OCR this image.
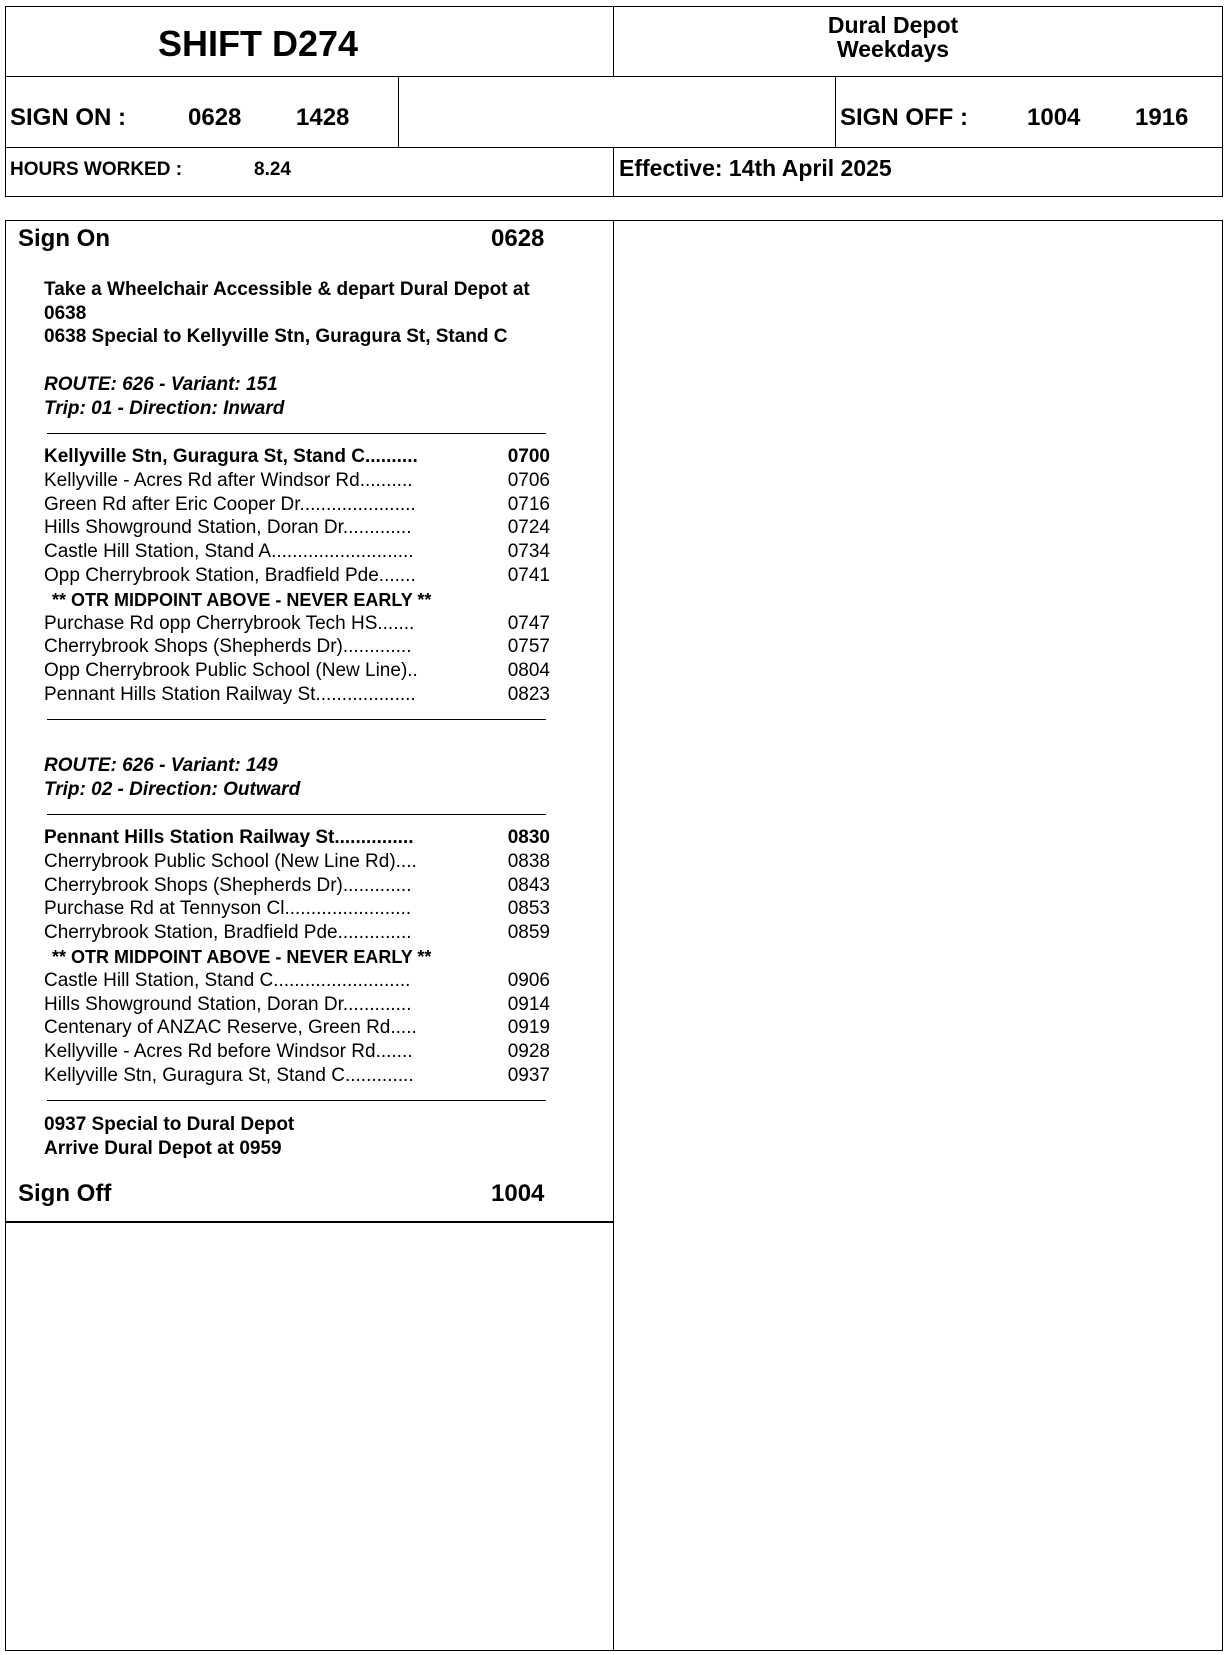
SHIFT D274	Dural Depot
Weekdays
SIGN ON :	0628 1428	SIGN OFF : 1004 1916
HOURS WORKED :	8.24	Effective: 14th April 2025
Sign On	0628
Take a Wheelchair Accessible & depart Dural Depot at
0638
0638 Special to Kellyville Stn, Guragura St, Stand C
ROUTE: 626 - Variant: 151
Trip: 01 - Direction: Inward
Kellyville Stn, Guragura St, Stand C..........	0700
Kellyville - Acres Rd after Windsor Rd..........	0706
Green Rd after Eric Cooper Dr......................	0716
Hills Showground Station, Doran Dr.............	0724
Castle Hill Station, Stand A...........................	0734
Opp Cherrybrook Station, Bradfield Pde.......	0741
** OTR MIDPOINT ABOVE - NEVER EARLY **
Purchase Rd opp Cherrybrook Tech HS.......	0747
Cherrybrook Shops (Shepherds Dr).............	0757
Opp Cherrybrook Public School (New Line)..	0804
Pennant Hills Station Railway St...................	0823
ROUTE: 626 - Variant: 149
Trip: 02 - Direction: Outward
Pennant Hills Station Railway St...............	0830
Cherrybrook Public School (New Line Rd)....	0838
Cherrybrook Shops (Shepherds Dr).............	0843
Purchase Rd at Tennyson Cl........................	0853
Cherrybrook Station, Bradfield Pde..............	0859
** OTR MIDPOINT ABOVE - NEVER EARLY **
Castle Hill Station, Stand C..........................	0906
Hills Showground Station, Doran Dr.............	0914
Centenary of ANZAC Reserve, Green Rd.....	0919
Kellyville - Acres Rd before Windsor Rd.......	0928
Kellyville Stn, Guragura St, Stand C.............	0937
0937 Special to Dural Depot
Arrive Dural Depot at 0959
Sign Off	1004
